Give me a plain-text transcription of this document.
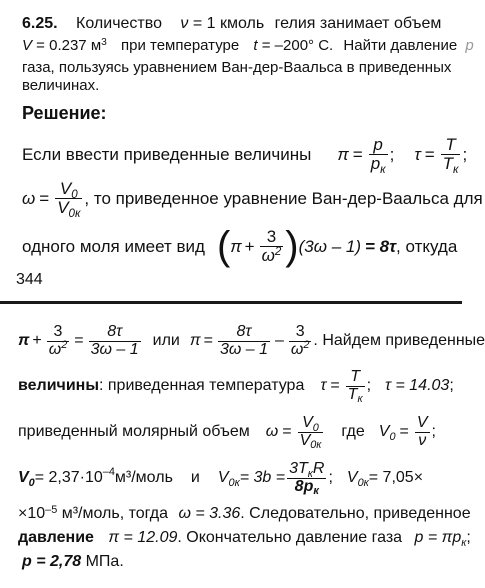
6.25. Количество ν = 1 кмоль гелия занимает объем
V = 0.237 $м^3$ при температуре t = –200° С. Найти давление p
газа, пользуясь уравнением Ван-дер-Ваальса в приведенных
величинах.
Решение:
Если ввести приведенные величины $\pi = \frac{p}{p_к}$ ; $\tau = \frac{T}{T_к}$ ;
$\omega = \frac{V_0}{V_{0к}}$ , то приведенное уравнение Ван-дер-Ваальса для
одного моля имеет вид ( $\pi + \frac{3}{\omega^2}$ ) (3ω – 1) = 8τ , откуда
344
$\pi + \frac{3}{\omega^2} = \frac{8\tau}{3\omega - 1}$ или $\pi = \frac{8\tau}{3\omega - 1} - \frac{3}{\omega^2}$ . Найдем приведенные
величины : приведенная температура $\tau = \frac{T}{T_к}$ ; τ = 14.03 ;
приведенный молярный объем $\omega = \frac{V_0}{V_{0к}}$ где $V_0 = \frac{V}{\nu}$ ;
$V_0 = 2,37\cdot 10$ –4 м³/моль и $V_{0к} = 3b = \frac{3T_кR}{8p_к}$ ; $V_{0к} = 7,05\times$
$\times 10^{-5}$ м³/моль, тогда ω = 3.36. Следовательно, приведенное
давление π = 12.09. Окончательно давление газа $p = \pi p_к$;
p = 2,78 МПа.
